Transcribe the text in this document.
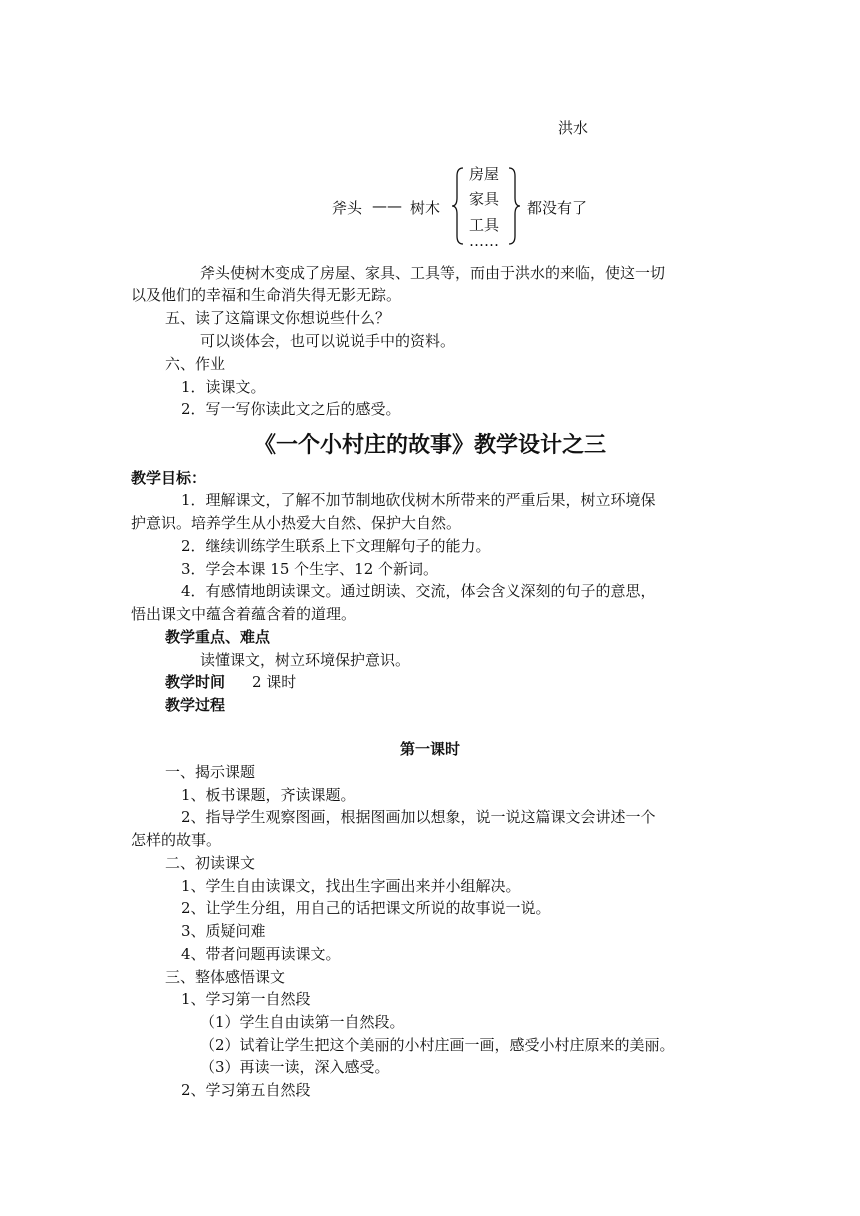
洪水
斧头 —— 树木
房屋
家具
工具
……
都没有了
斧头使树木变成了房屋、家具、工具等，而由于洪水的来临，使这一切
以及他们的幸福和生命消失得无影无踪。
五、读了这篇课文你想说些什么？
可以谈体会，也可以说说手中的资料。
六、作业
1．读课文。
2．写一写你读此文之后的感受。
《一个小村庄的故事》教学设计之三
教学目标：
1．理解课文，了解不加节制地砍伐树木所带来的严重后果，树立环境保
护意识。培养学生从小热爱大自然、保护大自然。
2．继续训练学生联系上下文理解句子的能力。
3．学会本课 15 个生字、12 个新词。
4．有感情地朗读课文。通过朗读、交流，体会含义深刻的句子的意思，
悟出课文中蕴含着蕴含着的道理。
教学重点、难点
读懂课文，树立环境保护意识。
教学时间 2 课时
教学过程
第一课时
一、揭示课题
1、板书课题，齐读课题。
2、指导学生观察图画，根据图画加以想象，说一说这篇课文会讲述一个
怎样的故事。
二、初读课文
1、学生自由读课文，找出生字画出来并小组解决。
2、让学生分组，用自己的话把课文所说的故事说一说。
3、质疑问难
4、带者问题再读课文。
三、整体感悟课文
1、学习第一自然段
（1）学生自由读第一自然段。
（2）试着让学生把这个美丽的小村庄画一画，感受小村庄原来的美丽。
（3）再读一读，深入感受。
2、学习第五自然段
